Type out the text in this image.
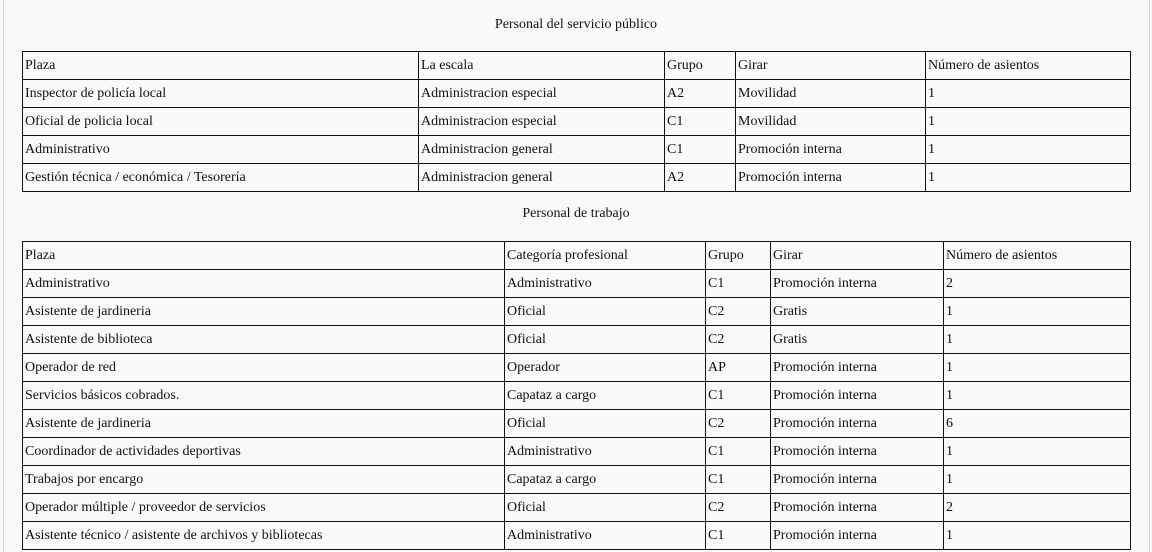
Personal del servicio público
Plaza	La escala	Grupo	Girar	Número de asientos
Inspector de policía local	Administracion especial	A2	Movilidad	1
Oficial de policia local	Administracion especial	C1	Movilidad	1
Administrativo	Administracion general	C1	Promoción interna	1
Gestión técnica / económica / Tesorería	Administracion general	A2	Promoción interna	1
Personal de trabajo
Plaza	Categoría profesional	Grupo	Girar	Número de asientos
Administrativo	Administrativo	C1	Promoción interna	2
Asistente de jardineria	Oficial	C2	Gratis	1
Asistente de biblioteca	Oficial	C2	Gratis	1
Operador de red	Operador	AP	Promoción interna	1
Servicios básicos cobrados.	Capataz a cargo	C1	Promoción interna	1
Asistente de jardineria	Oficial	C2	Promoción interna	6
Coordinador de actividades deportivas	Administrativo	C1	Promoción interna	1
Trabajos por encargo	Capataz a cargo	C1	Promoción interna	1
Operador múltiple / proveedor de servicios	Oficial	C2	Promoción interna	2
Asistente técnico / asistente de archivos y bibliotecas	Administrativo	C1	Promoción interna	1
